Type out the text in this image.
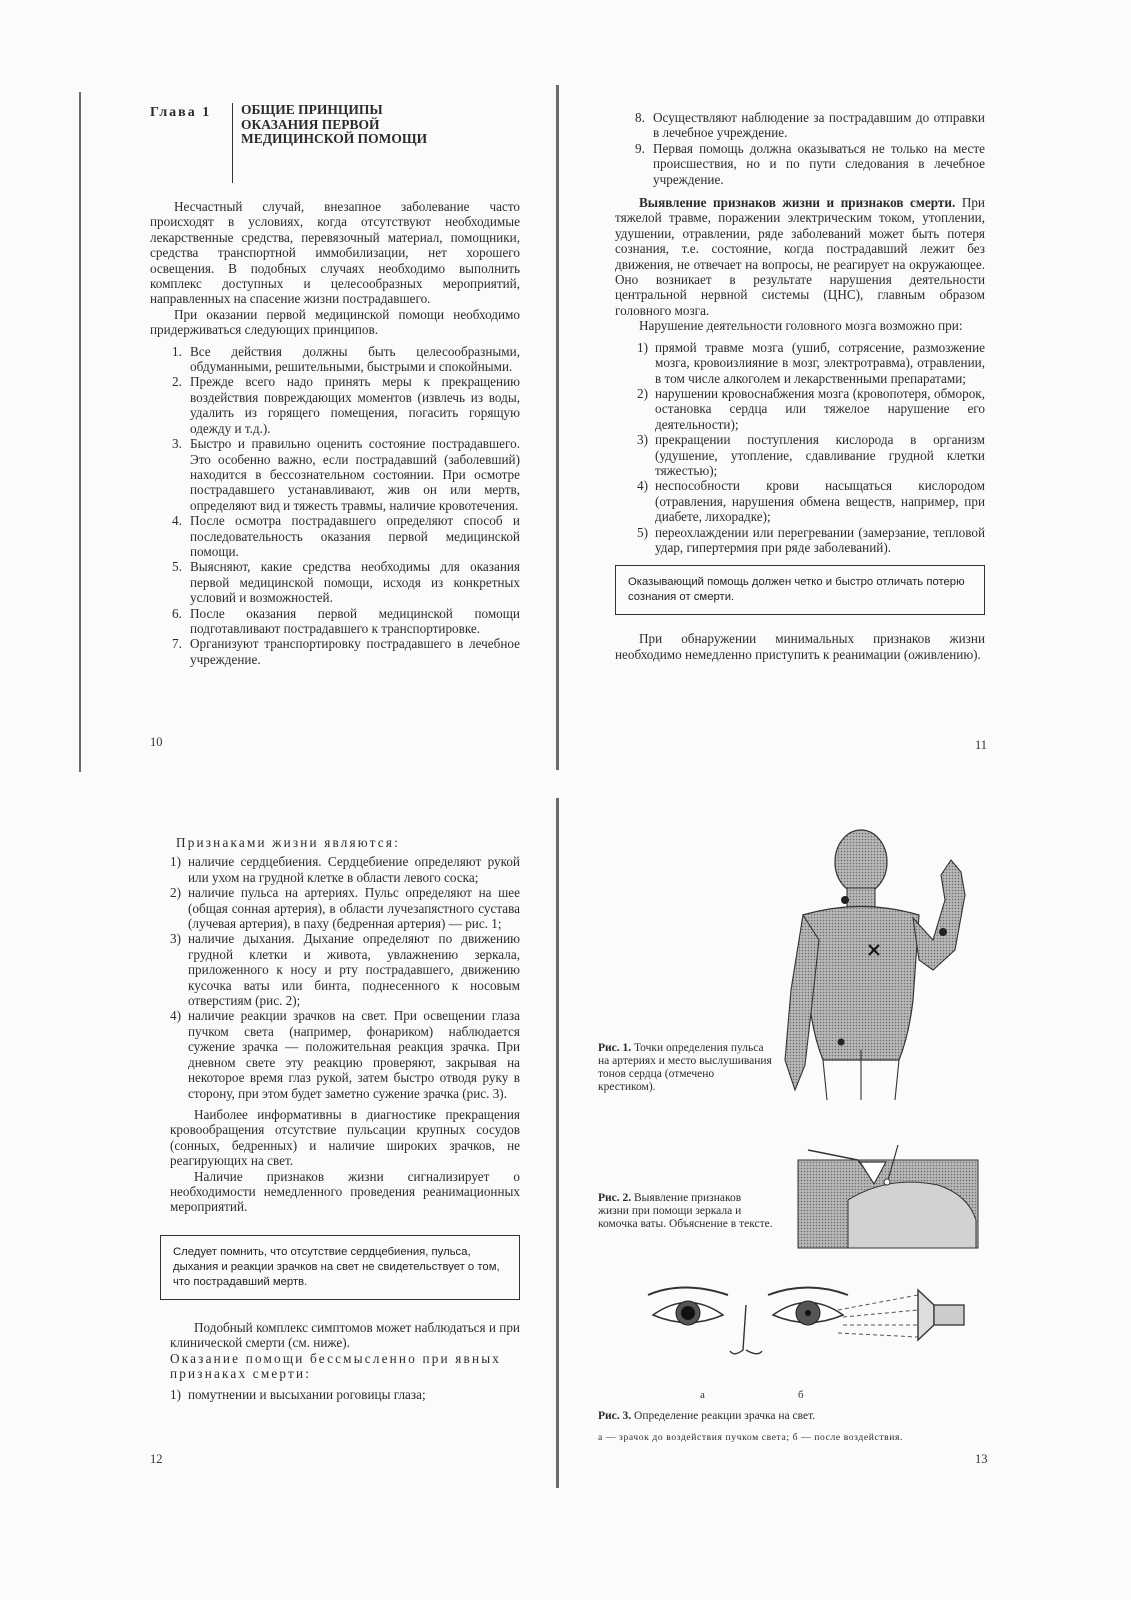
Глава 1	ОБЩИЕ ПРИНЦИПЫ
ОКАЗАНИЯ ПЕРВОЙ
МЕДИЦИНСКОЙ ПОМОЩИ

Несчастный случай, внезапное заболевание часто происходят в условиях, когда отсутствуют необходимые лекарственные средства, перевязочный материал, помощники, средства транспортной иммобилизации, нет хорошего освещения. В подобных случаях необходимо выполнить комплекс доступных и целесообразных мероприятий, направленных на спасение жизни пострадавшего.

При оказании первой медицинской помощи необходимо придерживаться следующих принципов.

1. Все действия должны быть целесообразными, обдуманными, решительными, быстрыми и спокойными.
2. Прежде всего надо принять меры к прекращению воздействия повреждающих моментов (извлечь из воды, удалить из горящего помещения, погасить горящую одежду и т.д.).
3. Быстро и правильно оценить состояние пострадавшего. Это особенно важно, если пострадавший (заболевший) находится в бессознательном состоянии. При осмотре пострадавшего устанавливают, жив он или мертв, определяют вид и тяжесть травмы, наличие кровотечения.
4. После осмотра пострадавшего определяют способ и последовательность оказания первой медицинской помощи.
5. Выясняют, какие средства необходимы для оказания первой медицинской помощи, исходя из конкретных условий и возможностей.
6. После оказания первой медицинской помощи подготавливают пострадавшего к транспортировке.
7. Организуют транспортировку пострадавшего в лечебное учреждение.
10
8. Осуществляют наблюдение за пострадавшим до отправки в лечебное учреждение.
9. Первая помощь должна оказываться не только на месте происшествия, но и по пути следования в лечебное учреждение.

Выявление признаков жизни и признаков смерти. При тяжелой травме, поражении электрическим током, утоплении, удушении, отравлении, ряде заболеваний может быть потеря сознания, т.е. состояние, когда пострадавший лежит без движения, не отвечает на вопросы, не реагирует на окружающее. Оно возникает в результате нарушения деятельности центральной нервной системы (ЦНС), главным образом головного мозга.

Нарушение деятельности головного мозга возможно при:

1) прямой травме мозга (ушиб, сотрясение, размозжение мозга, кровоизлияние в мозг, электротравма), отравлении, в том числе алкоголем и лекарственными препаратами;
2) нарушении кровоснабжения мозга (кровопотеря, обморок, остановка сердца или тяжелое нарушение его деятельности);
3) прекращении поступления кислорода в организм (удушение, утопление, сдавливание грудной клетки тяжестью);
4) неспособности крови насыщаться кислородом (отравления, нарушения обмена веществ, например, при диабете, лихорадке);
5) переохлаждении или перегревании (замерзание, тепловой удар, гипертермия при ряде заболеваний).
Оказывающий помощь должен четко и быстро отличать потерю сознания от смерти.

При обнаружении минимальных признаков жизни необходимо немедленно приступить к реанимации (оживлению).

11

Признаками жизни являются:

1) наличие сердцебиения. Сердцебиение определяют рукой или ухом на грудной клетке в области левого соска;
2) наличие пульса на артериях. Пульс определяют на шее (общая сонная артерия), в области лучезапястного сустава (лучевая артерия), в паху (бедренная артерия) — рис. 1;
3) наличие дыхания. Дыхание определяют по движению грудной клетки и живота, увлажнению зеркала, приложенного к носу и рту пострадавшего, движению кусочка ваты или бинта, поднесенного к носовым отверстиям (рис. 2);
4) наличие реакции зрачков на свет. При освещении глаза пучком света (например, фонариком) наблюдается сужение зрачка — положительная реакция зрачка. При дневном свете эту реакцию проверяют, закрывая на некоторое время глаз рукой, затем быстро отводя руку в сторону, при этом будет заметно сужение зрачка (рис. 3).

Наиболее информативны в диагностике прекращения кровообращения отсутствие пульсации крупных сосудов (сонных, бедренных) и наличие широких зрачков, не реагирующих на свет.

Наличие признаков жизни сигнализирует о необходимости немедленного проведения реанимационных мероприятий.

Следует помнить, что отсутствие сердцебиения, пульса, дыхания и реакции зрачков на свет не свидетельствует о том, что пострадавший мертв.

Подобный комплекс симптомов может наблюдаться и при клинической смерти (см. ниже).

Оказание помощи бессмысленно при явных признаках смерти:

1) помутнении и высыхании роговицы глаза;
12
Рис. 1. Точки определения пульса на артериях и место выслушивания тонов сердца (отмечено крестиком).
Рис. 2. Выявление признаков жизни при помощи зеркала и комочка ваты. Объяснение в тексте.
а	б
Рис. 3. Определение реакции зрачка на свет.
а — зрачок до воздействия пучком света; б — после воздействия.
13
